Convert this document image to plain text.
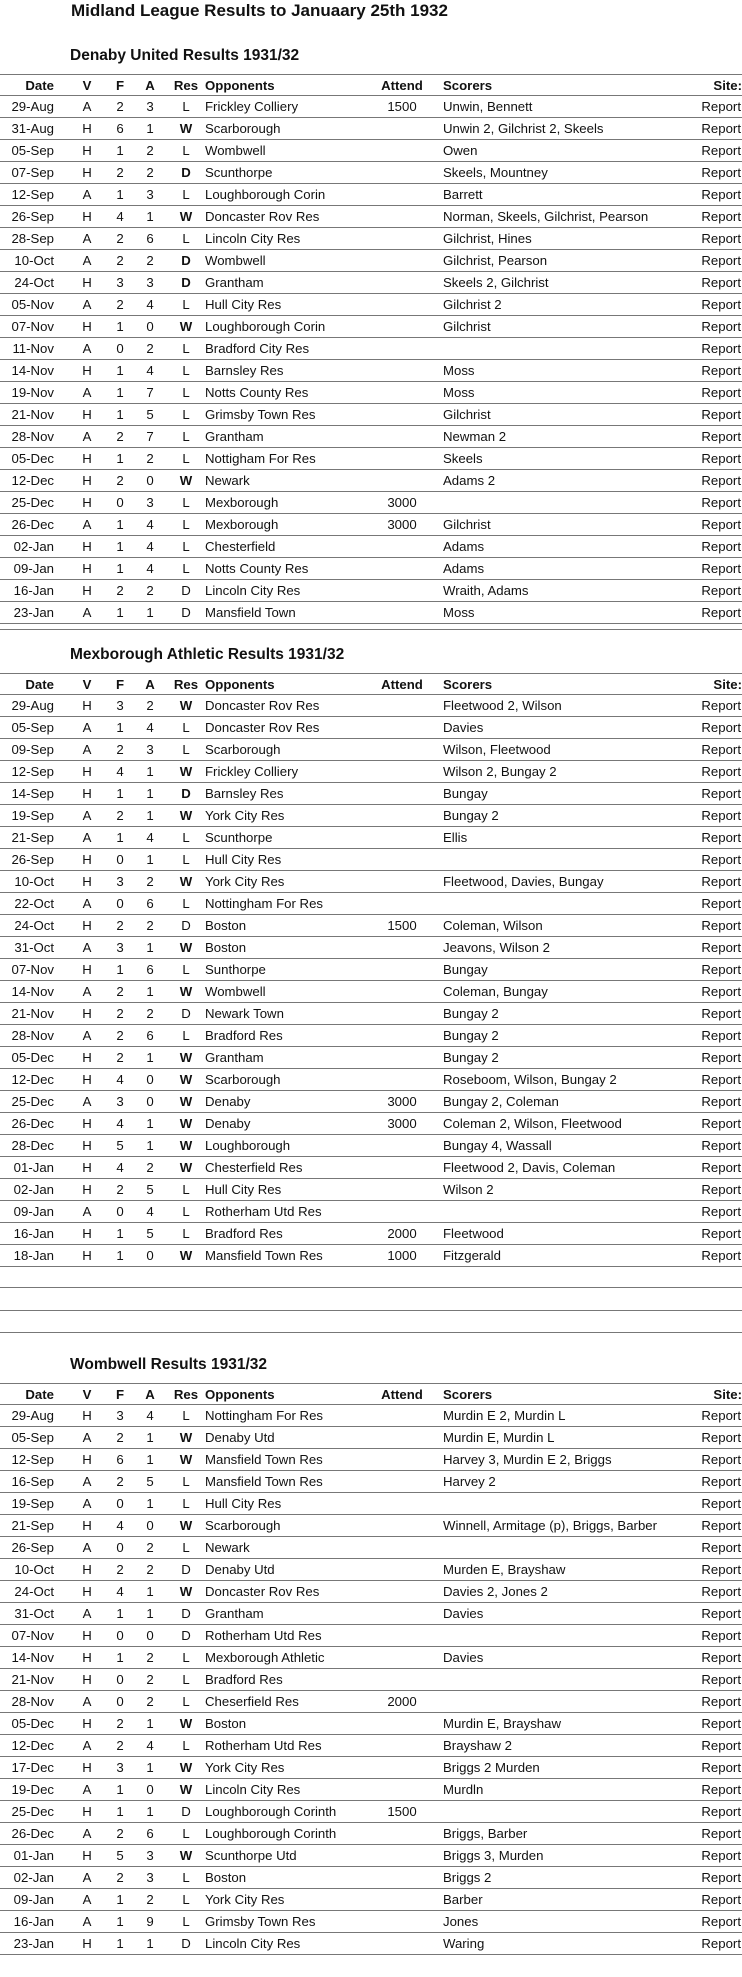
Midland League Results to Januaary 25th 1932
Denaby United Results 1931/32
Date V F A Res Opponents	Attend	Scorers	Site:
29-Aug A 2 3	L	Frickley Colliery	1500	Unwin, Bennett	Report
31-Aug H 6 1	W Scarborough	Unwin 2, Gilchrist 2, Skeels	Report
05-Sep H 1 2	L	Wombwell	Owen	Report
07-Sep H 2 2	D	Scunthorpe	Skeels, Mountney	Report
12-Sep A 1 3	L	Loughborough Corin	Barrett	Report
26-Sep H 4 1	W Doncaster Rov Res	Norman, Skeels, Gilchrist, Pearson	Report
28-Sep A 2 6	L	Lincoln City Res	Gilchrist, Hines	Report
10-Oct A 2 2	D	Wombwell	Gilchrist, Pearson	Report
24-Oct H 3 3	D	Grantham	Skeels 2, Gilchrist	Report
05-Nov A 2 4	L	Hull City Res	Gilchrist 2	Report
07-Nov H 1 0	W Loughborough Corin	Gilchrist	Report
11-Nov A 0 2	L	Bradford City Res	Report
14-Nov H 1 4	L	Barnsley Res	Moss	Report
19-Nov A 1 7	L	Notts County Res	Moss	Report
21-Nov H 1 5	L	Grimsby Town Res	Gilchrist	Report
28-Nov A 2 7	L	Grantham	Newman 2	Report
05-Dec H 1 2	L	Nottigham For Res	Skeels	Report
12-Dec H 2 0	W Newark	Adams 2	Report
25-Dec H 0 3	L	Mexborough	3000	Report
26-Dec A 1 4	L	Mexborough	3000	Gilchrist	Report
02-Jan H 1 4	L	Chesterfield	Adams	Report
09-Jan H 1 4	L	Notts County Res	Adams	Report
16-Jan H 2 2	D	Lincoln City Res	Wraith, Adams	Report
23-Jan A 1 1	D	Mansfield Town	Moss	Report
Mexborough Athletic Results 1931/32
Date V F A Res Opponents	Attend	Scorers	Site:
29-Aug H 3 2	W Doncaster Rov Res	Fleetwood 2, Wilson	Report
05-Sep A 1 4	L	Doncaster Rov Res	Davies	Report
09-Sep A 2 3	L	Scarborough	Wilson, Fleetwood	Report
12-Sep H 4 1	W Frickley Colliery	Wilson 2, Bungay 2	Report
14-Sep H 1 1	D	Barnsley Res	Bungay	Report
19-Sep A 2 1	W York City Res	Bungay 2	Report
21-Sep A 1 4	L	Scunthorpe	Ellis	Report
26-Sep H 0 1	L	Hull City Res	Report
10-Oct H 3 2	W York City Res	Fleetwood, Davies, Bungay	Report
22-Oct A 0 6	L	Nottingham For Res	Report
24-Oct H 2 2	D	Boston	1500	Coleman, Wilson	Report
31-Oct A 3 1	W Boston	Jeavons, Wilson 2	Report
07-Nov H 1 6	L	Sunthorpe	Bungay	Report
14-Nov A 2 1	W Wombwell	Coleman, Bungay	Report
21-Nov H 2 2	D	Newark Town	Bungay 2	Report
28-Nov A 2 6	L	Bradford Res	Bungay 2	Report
05-Dec H 2 1	W Grantham	Bungay 2	Report
12-Dec H 4 0	W Scarborough	Roseboom, Wilson, Bungay 2	Report
25-Dec A 3 0	W Denaby	3000	Bungay 2, Coleman	Report
26-Dec H 4 1	W Denaby	3000	Coleman 2, Wilson, Fleetwood	Report
28-Dec H 5 1	W Loughborough	Bungay 4, Wassall	Report
01-Jan H 4 2	W Chesterfield Res	Fleetwood 2, Davis, Coleman	Report
02-Jan H 2 5	L	Hull City Res	Wilson 2	Report
09-Jan A 0 4	L	Rotherham Utd Res	Report
16-Jan H 1 5	L	Bradford Res	2000	Fleetwood	Report
18-Jan H 1 0	W Mansfield Town Res	1000	Fitzgerald	Report
Wombwell Results 1931/32
Date V F A Res Opponents	Attend	Scorers	Site:
29-Aug H 3 4	L	Nottingham For Res	Murdin E 2, Murdin L	Report
05-Sep A 2 1	W Denaby Utd	Murdin E, Murdin L	Report
12-Sep H 6 1	W Mansfield Town Res	Harvey 3, Murdin E 2, Briggs	Report
16-Sep A 2 5	L	Mansfield Town Res	Harvey 2	Report
19-Sep A 0 1	L	Hull City Res	Report
21-Sep H 4 0	W Scarborough	Winnell, Armitage (p), Briggs, Barber	Report
26-Sep A 0 2	L	Newark	Report
10-Oct H 2 2	D	Denaby Utd	Murden E, Brayshaw	Report
24-Oct H 4 1	W Doncaster Rov Res	Davies 2, Jones 2	Report
31-Oct A 1 1	D	Grantham	Davies	Report
07-Nov H 0 0	D	Rotherham Utd Res	Report
14-Nov H 1 2	L	Mexborough Athletic	Davies	Report
21-Nov H 0 2	L	Bradford Res	Report
28-Nov A 0 2	L	Cheserfield Res	2000	Report
05-Dec H 2 1	W Boston	Murdin E, Brayshaw	Report
12-Dec A 2 4	L	Rotherham Utd Res	Brayshaw 2	Report
17-Dec H 3 1	W York City Res	Briggs 2 Murden	Report
19-Dec A 1 0	W Lincoln City Res	Murdln	Report
25-Dec H 1 1	D	Loughborough Corinth	1500	Report
26-Dec A 2 6	L	Loughborough Corinth	Briggs, Barber	Report
01-Jan H 5 3	W Scunthorpe Utd	Briggs 3, Murden	Report
02-Jan A 2 3	L	Boston	Briggs 2	Report
09-Jan A 1 2	L	York City Res	Barber	Report
16-Jan A 1 9	L	Grimsby Town Res	Jones	Report
23-Jan H 1 1	D	Lincoln City Res	Waring	Report
